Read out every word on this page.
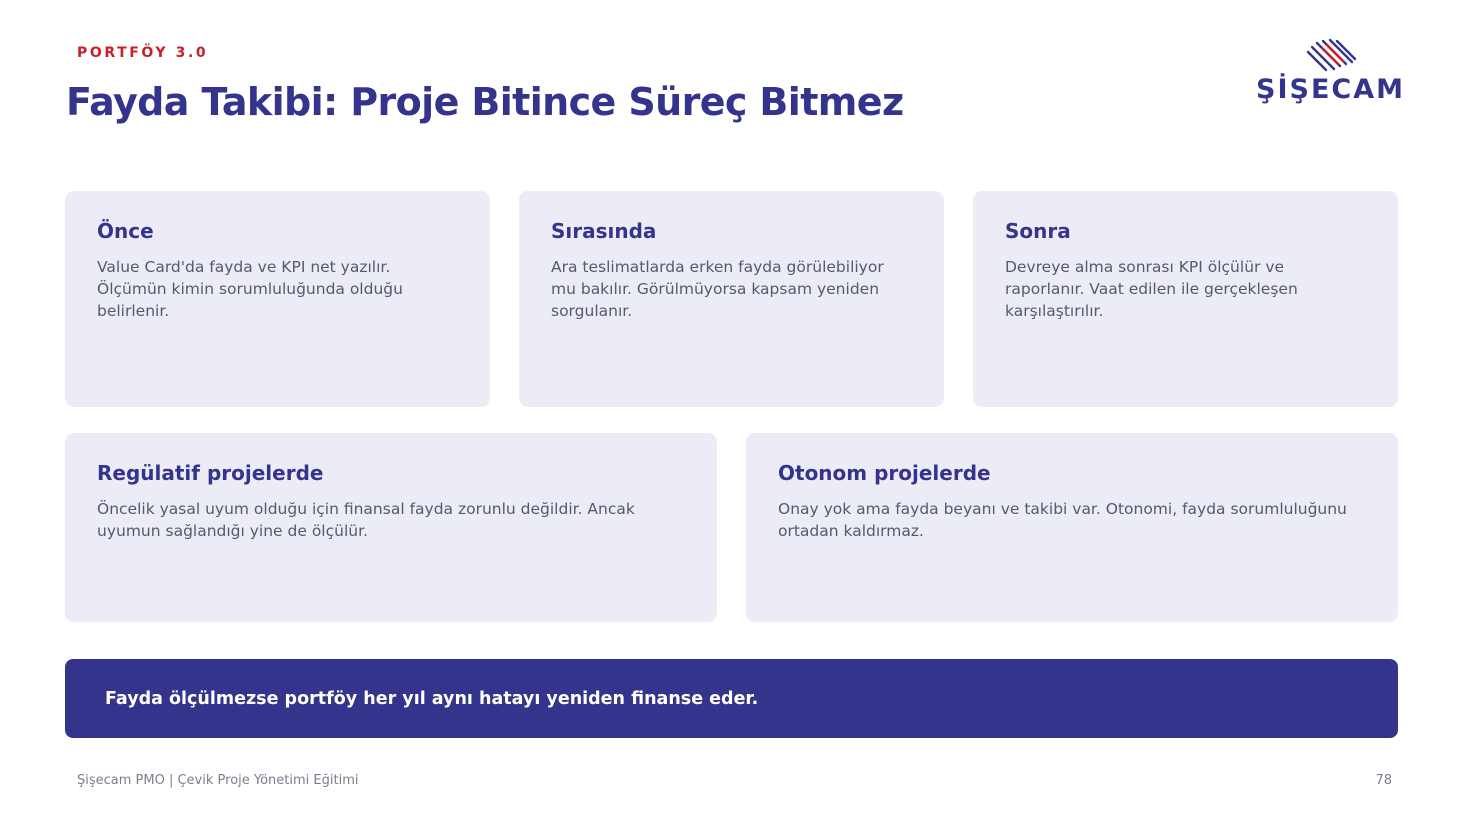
PORTFÖY 3.0
Fayda Takibi: Proje Bitince Süreç Bitmez	ŞİŞECAM
Önce

Value Card'da fayda ve KPI net yazılır. Ölçümün kimin sorumluluğunda olduğu belirlenir.

Sırasında

Ara teslimatlarda erken fayda görülebiliyor mu bakılır. Görülmüyorsa kapsam yeniden sorgulanır.

Sonra

Devreye alma sonrası KPI ölçülür ve raporlanır. Vaat edilen ile gerçekleşen karşılaştırılır.

Regülatif projelerde

Öncelik yasal uyum olduğu için finansal fayda zorunlu değildir. Ancak uyumun sağlandığı yine de ölçülür.

Otonom projelerde

Onay yok ama fayda beyanı ve takibi var. Otonomi, fayda sorumluluğunu ortadan kaldırmaz.

Fayda ölçülmezse portföy her yıl aynı hatayı yeniden finanse eder.
Şişecam PMO | Çevik Proje Yönetimi Eğitimi	78
